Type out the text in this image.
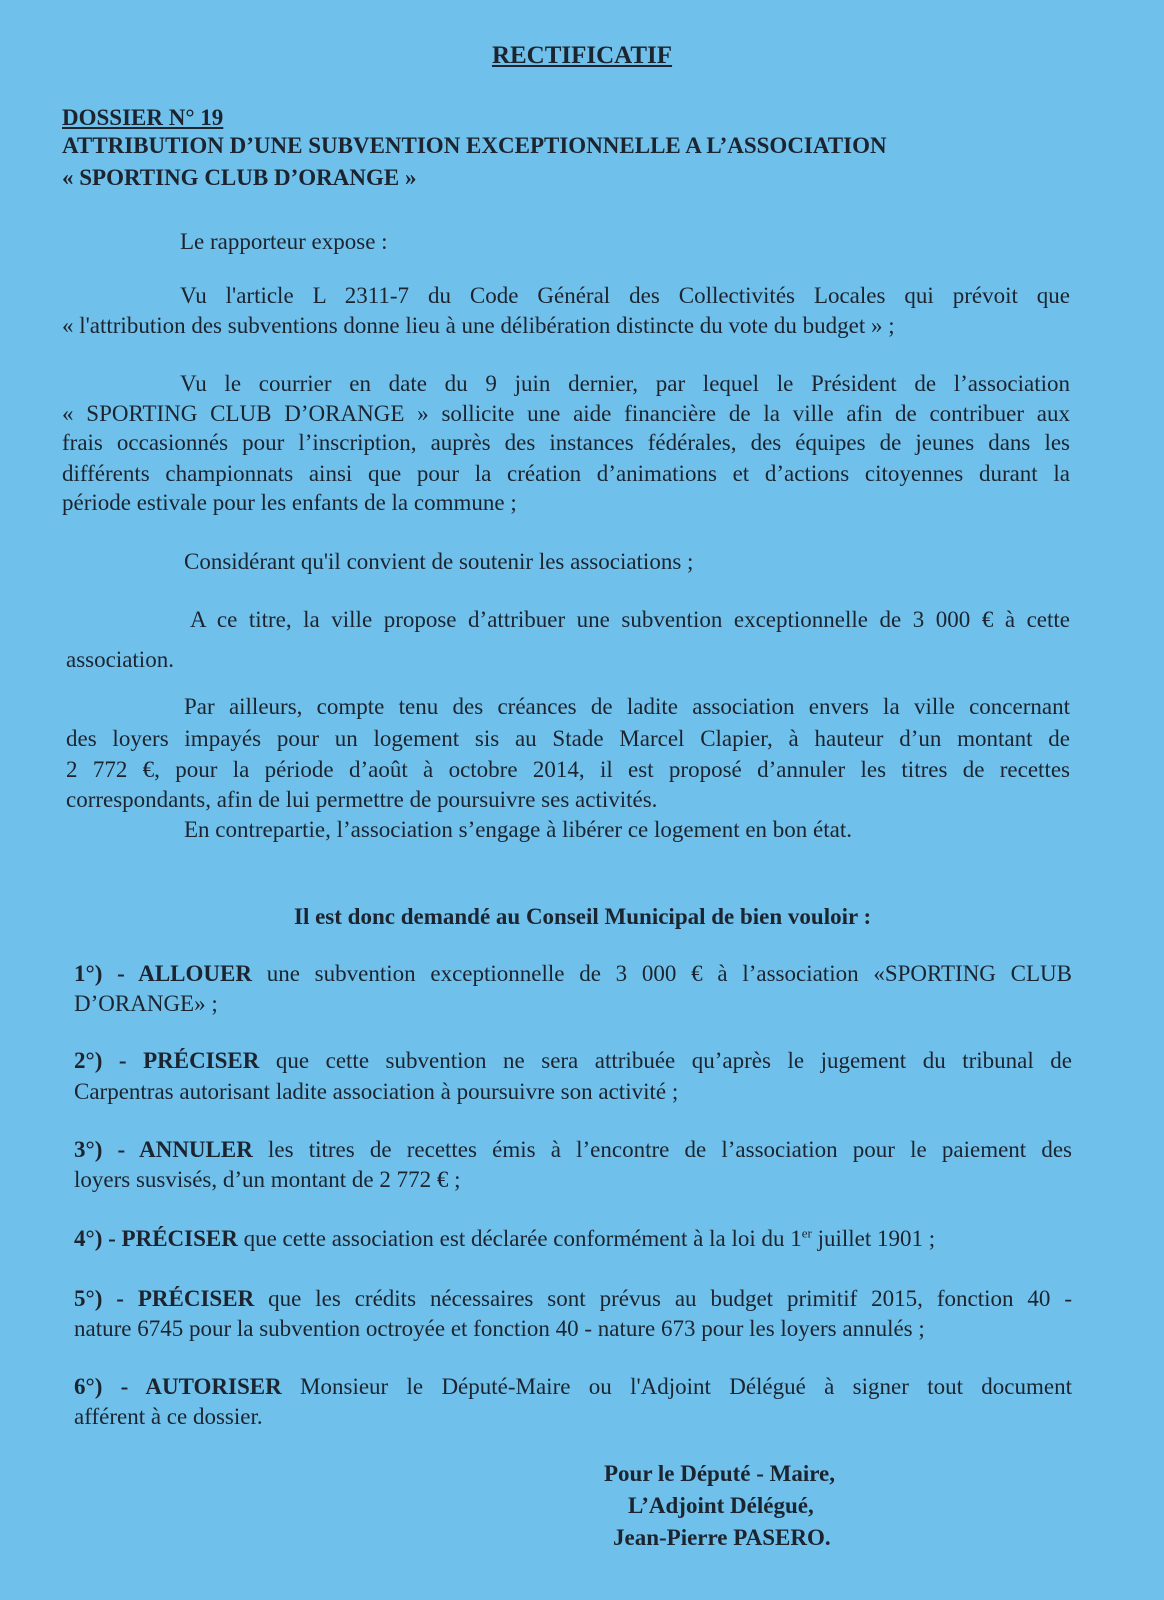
RECTIFICATIF
DOSSIER N° 19
ATTRIBUTION D’UNE SUBVENTION EXCEPTIONNELLE A L’ASSOCIATION
« SPORTING CLUB D’ORANGE »
Le rapporteur expose :
Vu l'article L 2311-7 du Code Général des Collectivités Locales qui prévoit que
« l'attribution des subventions donne lieu à une délibération distincte du vote du budget » ;
Vu le courrier en date du 9 juin dernier, par lequel le Président de l’association
« SPORTING CLUB D’ORANGE » sollicite une aide financière de la ville afin de contribuer aux
frais occasionnés pour l’inscription, auprès des instances fédérales, des équipes de jeunes dans les
différents championnats ainsi que pour la création d’animations et d’actions citoyennes durant la
période estivale pour les enfants de la commune ;
Considérant qu'il convient de soutenir les associations ;
A ce titre, la ville propose d’attribuer une subvention exceptionnelle de 3 000 € à cette
association.
Par ailleurs, compte tenu des créances de ladite association envers la ville concernant
des loyers impayés pour un logement sis au Stade Marcel Clapier, à hauteur d’un montant de
2 772 €, pour la période d’août à octobre 2014, il est proposé d’annuler les titres de recettes
correspondants, afin de lui permettre de poursuivre ses activités.
En contrepartie, l’association s’engage à libérer ce logement en bon état.
Il est donc demandé au Conseil Municipal de bien vouloir :
1°) - ALLOUER une subvention exceptionnelle de 3 000 € à l’association «SPORTING CLUB
D’ORANGE» ;
2°) - PRÉCISER que cette subvention ne sera attribuée qu’après le jugement du tribunal de
Carpentras autorisant ladite association à poursuivre son activité ;
3°) - ANNULER les titres de recettes émis à l’encontre de l’association pour le paiement des
loyers susvisés, d’un montant de 2 772 € ;
4°) - PRÉCISER que cette association est déclarée conformément à la loi du 1er juillet 1901 ;
5°) - PRÉCISER que les crédits nécessaires sont prévus au budget primitif 2015, fonction 40 -
nature 6745 pour la subvention octroyée et fonction 40 - nature 673 pour les loyers annulés ;
6°) - AUTORISER Monsieur le Député-Maire ou l'Adjoint Délégué à signer tout document
afférent à ce dossier.
Pour le Député - Maire,
L’Adjoint Délégué,
Jean-Pierre PASERO.
